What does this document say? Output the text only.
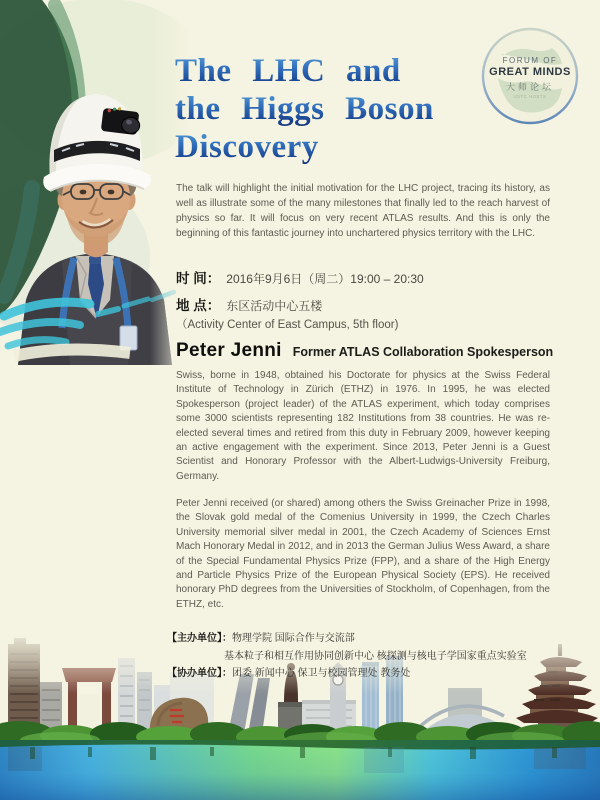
The LHC and
the Higgs Boson
Discovery

The talk will highlight the initial motivation for the LHC project, tracing its history, as well as illustrate some of the many milestones that finally led to the reach harvest of physics so far. It will focus on very recent ATLAS results. And this is only the beginning of this fantastic journey into unchartered physics territory with the LHC.

时 间： 2016年9月6日（周二）19:00 – 20:30
地 点： 东区活动中心五楼
（Activity Center of East Campus, 5th floor)
Peter Jenni Former ATLAS Collaboration Spokesperson

Swiss, borne in 1948, obtained his Doctorate for physics at the Swiss Federal Institute of Technology in Zürich (ETHZ) in 1976. In 1995, he was elected Spokesperson (project leader) of the ATLAS experiment, which today comprises some 3000 scientists representing 182 Institutions from 38 countries. He was re-elected several times and retired from this duty in February 2009, however keeping an active engagement with the experiment. Since 2013, Peter Jenni is a Guest Scientist and Honorary Professor with the Albert-Ludwigs-University Freiburg, Germany.

Peter Jenni received (or shared) among others the Swiss Greinacher Prize in 1998, the Slovak gold medal of the Comenius University in 1999, the Czech Charles University memorial silver medal in 2001, the Czech Academy of Sciences Ernst Mach Honorary Medal in 2012, and in 2013 the German Julius Wess Award, a share of the Special Fundamental Physics Prize (FPP), and a share of the High Energy and Particle Physics Prize of the European Physical Society (EPS). He received honorary PhD degrees from the Universities of Stockholm, of Copenhagen, from the ETHZ, etc.

【主办单位】：物理学院 国际合作与交流部
基本粒子和相互作用协同创新中心 核探测与核电子学国家重点实验室
【协办单位】：团委 新闻中心 保卫与校园管理处 教务处
